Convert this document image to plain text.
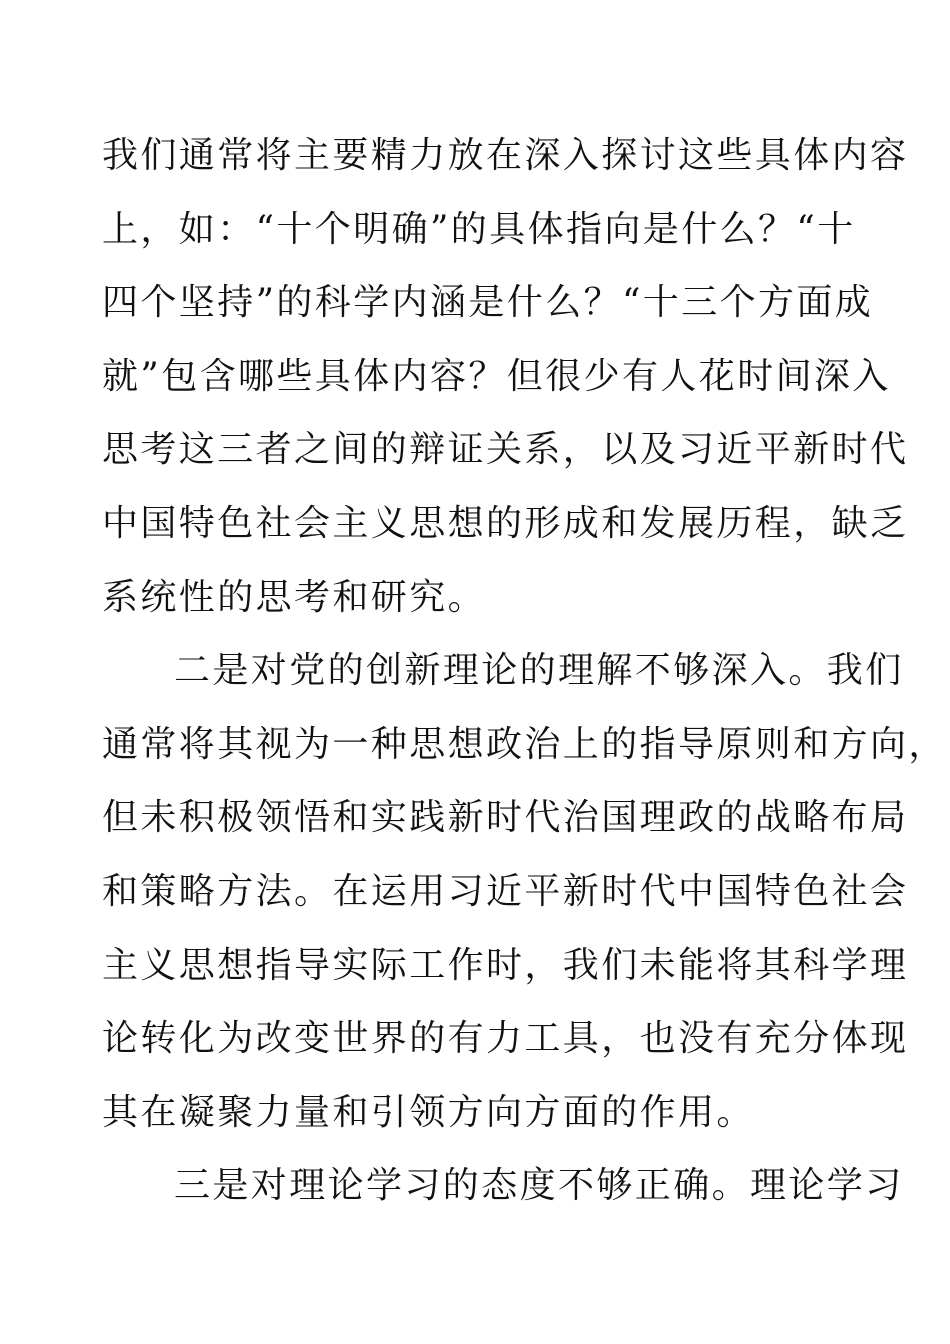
我们通常将主要精力放在深入探讨这些具体内容
上，如：“十个明确”的具体指向是什么？“十
四个坚持”的科学内涵是什么？“十三个方面成
就”包含哪些具体内容？但很少有人花时间深入
思考这三者之间的辩证关系，以及习近平新时代
中国特色社会主义思想的形成和发展历程，缺乏
系统性的思考和研究。
二是对党的创新理论的理解不够深入。我们
通常将其视为一种思想政治上的指导原则和方向，
但未积极领悟和实践新时代治国理政的战略布局
和策略方法。在运用习近平新时代中国特色社会
主义思想指导实际工作时，我们未能将其科学理
论转化为改变世界的有力工具，也没有充分体现
其在凝聚力量和引领方向方面的作用。
三是对理论学习的态度不够正确。理论学习
